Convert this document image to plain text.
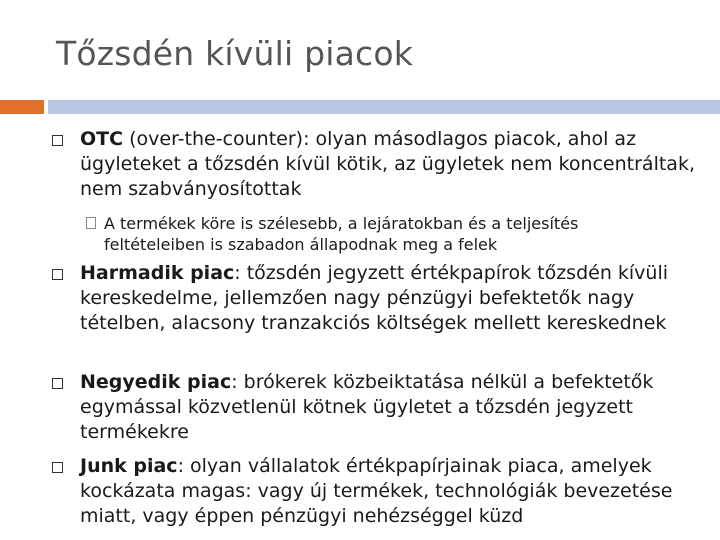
Tőzsdén kívüli piacok
OTC (over-the-counter): olyan másodlagos piacok, ahol az ügyleteket a tőzsdén kívül kötik, az ügyletek nem koncentráltak, nem szabványosítottak
A termékek köre is szélesebb, a lejáratokban és a teljesítés feltételeiben is szabadon állapodnak meg a felek
Harmadik piac: tőzsdén jegyzett értékpapírok tőzsdén kívüli kereskedelme, jellemzően nagy pénzügyi befektetők nagy tételben, alacsony tranzakciós költségek mellett kereskednek
Negyedik piac: brókerek közbeiktatása nélkül a befektetők egymással közvetlenül kötnek ügyletet a tőzsdén jegyzett termékekre
Junk piac: olyan vállalatok értékpapírjainak piaca, amelyek kockázata magas: vagy új termékek, technológiák bevezetése miatt, vagy éppen pénzügyi nehézséggel küzd
